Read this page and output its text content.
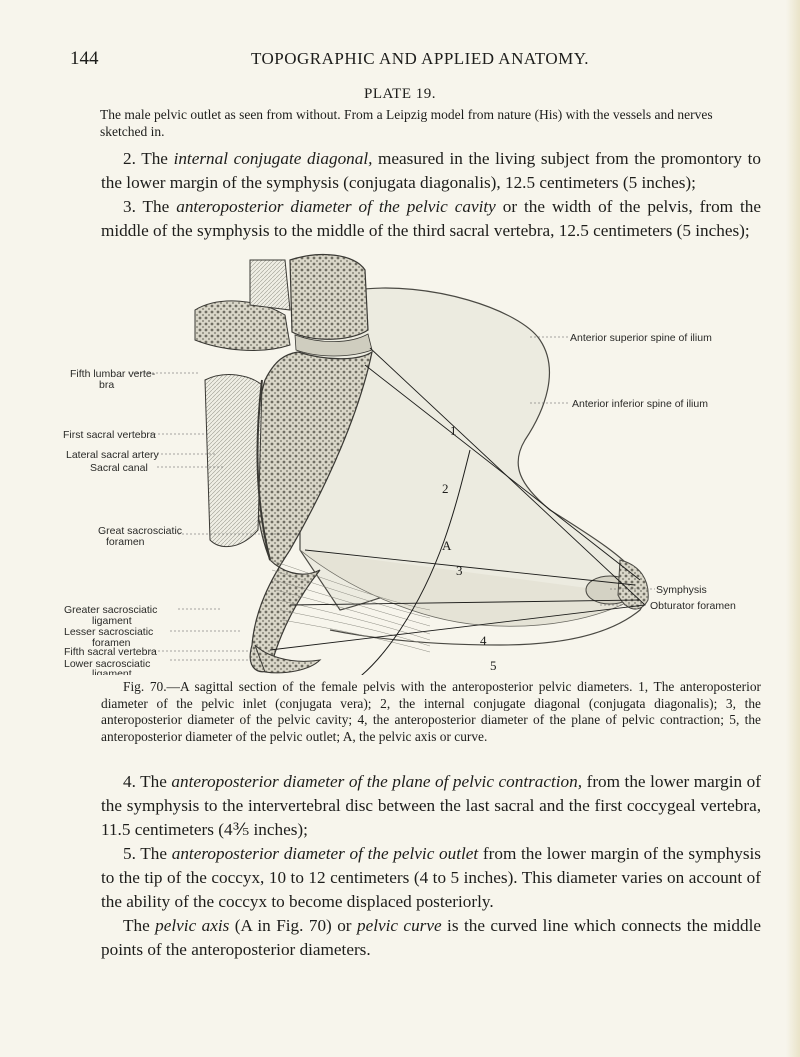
144	TOPOGRAPHIC AND APPLIED ANATOMY.
PLATE 19.
The male pelvic outlet as seen from without. From a Leipzig model from nature (His) with the vessels and nerves sketched in.
2. The internal conjugate diagonal, measured in the living subject from the promontory to the lower margin of the symphysis (conjugata diagonalis), 12.5 centimeters (5 inches);
3. The anteroposterior diameter of the pelvic cavity or the width of the pelvis, from the middle of the symphysis to the middle of the third sacral vertebra, 12.5 centimeters (5 inches);
1
2
3
4
5
A
Fifth lumbar verte-
bra
First sacral vertebra
Lateral sacral artery
Sacral canal
Great sacrosciatic
foramen
Greater sacrosciatic
ligament
Lesser sacrosciatic
foramen
Fifth sacral vertebra
Lower sacrosciatic
ligament
Anterior superior spine of ilium
Anterior inferior spine of ilium
Symphysis
Obturator foramen
Fig. 70.—A sagittal section of the female pelvis with the anteroposterior pelvic diameters. 1, The anteroposterior diameter of the pelvic inlet (conjugata vera); 2, the internal conjugate diagonal (conjugata diagonalis); 3, the anteroposterior diameter of the pelvic cavity; 4, the anteroposterior diameter of the plane of pelvic contraction; 5, the anteroposterior diameter of the pelvic outlet; A, the pelvic axis or curve.
4. The anteroposterior diameter of the plane of pelvic contraction, from the lower margin of the symphysis to the intervertebral disc between the last sacral and the first coccygeal vertebra, 11.5 centimeters (4⅗ inches);
5. The anteroposterior diameter of the pelvic outlet from the lower margin of the symphysis to the tip of the coccyx, 10 to 12 centimeters (4 to 5 inches). This diameter varies on account of the ability of the coccyx to become displaced posteriorly.
The pelvic axis (A in Fig. 70) or pelvic curve is the curved line which connects the middle points of the anteroposterior diameters.
